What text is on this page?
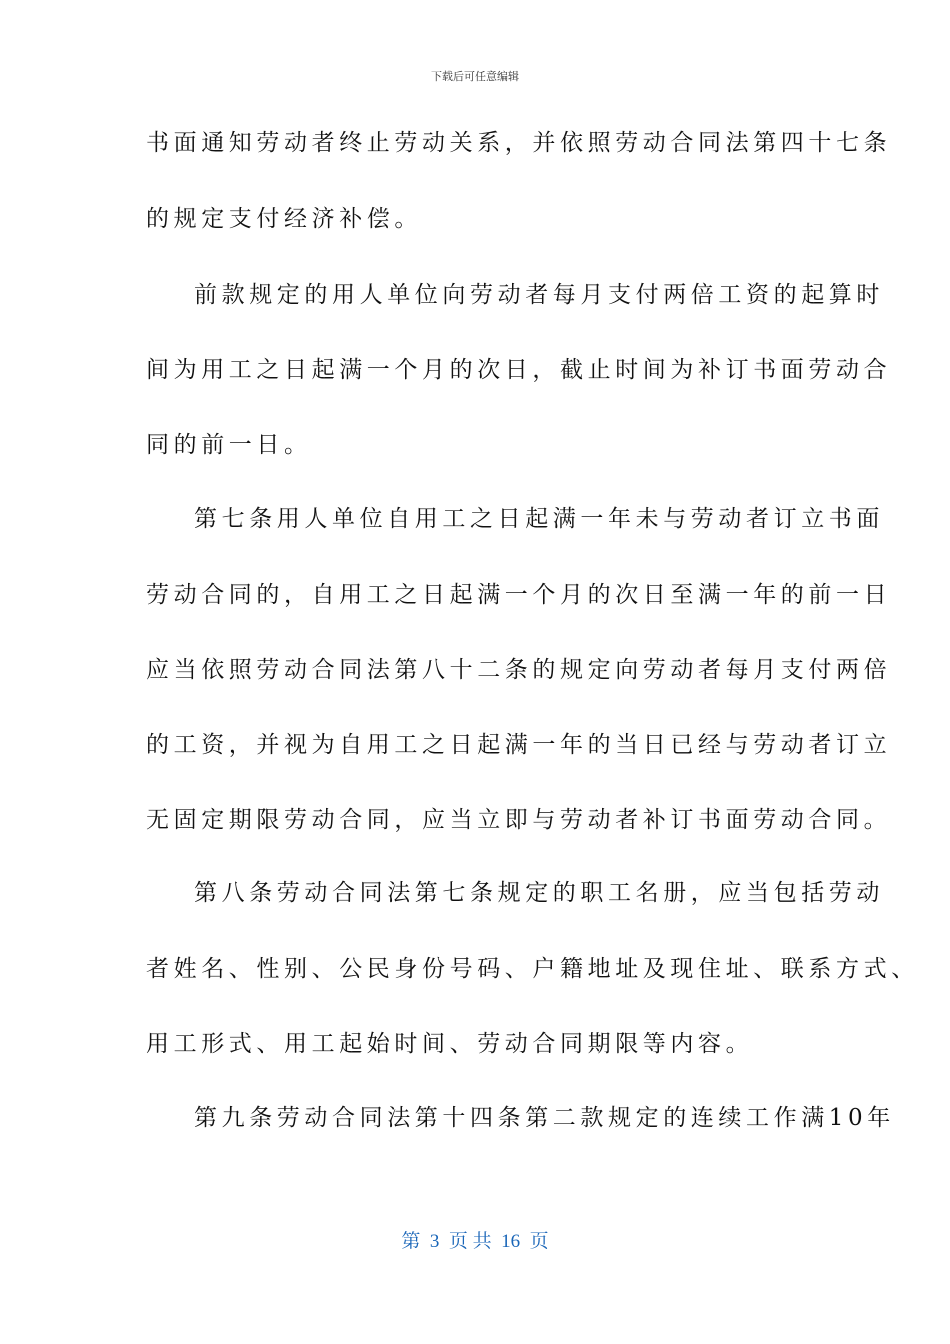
下载后可任意编辑
书面通知劳动者终止劳动关系，并依照劳动合同法第四十七条
的规定支付经济补偿。
前款规定的用人单位向劳动者每月支付两倍工资的起算时
间为用工之日起满一个月的次日，截止时间为补订书面劳动合
同的前一日。
第七条用人单位自用工之日起满一年未与劳动者订立书面
劳动合同的，自用工之日起满一个月的次日至满一年的前一日
应当依照劳动合同法第八十二条的规定向劳动者每月支付两倍
的工资，并视为自用工之日起满一年的当日已经与劳动者订立
无固定期限劳动合同，应当立即与劳动者补订书面劳动合同。
第八条劳动合同法第七条规定的职工名册，应当包括劳动
者姓名、性别、公民身份号码、户籍地址及现住址、联系方式、
用工形式、用工起始时间、劳动合同期限等内容。
第九条劳动合同法第十四条第二款规定的连续工作满10年
第  3  页 共  16  页
